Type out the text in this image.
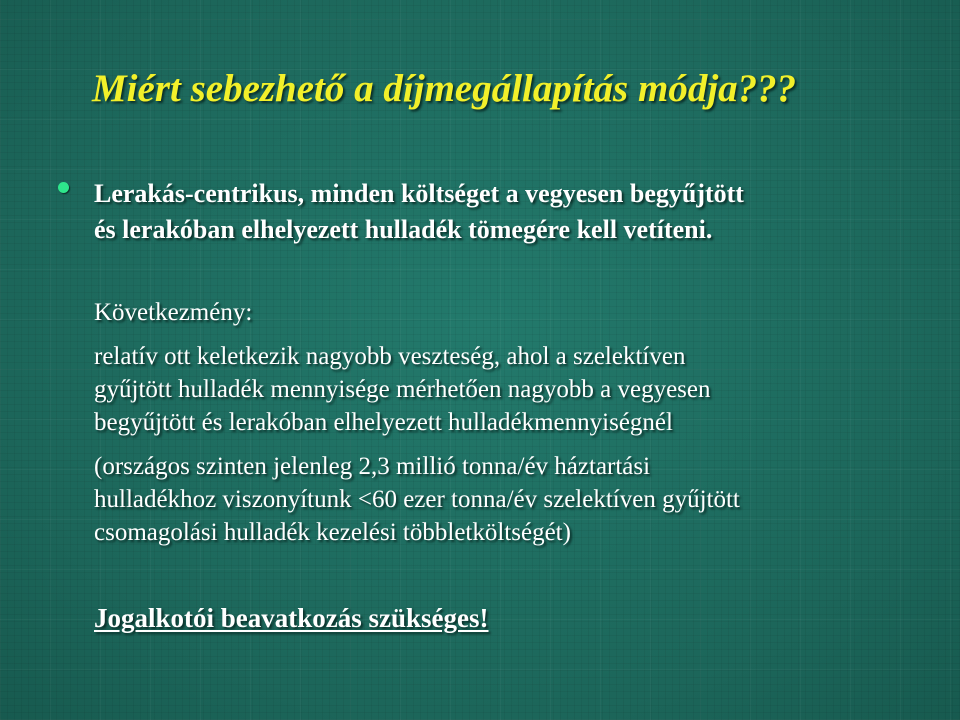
Miért sebezhető a díjmegállapítás módja???
Lerakás-centrikus, minden költséget a vegyesen begyűjtött
és lerakóban elhelyezett hulladék tömegére kell vetíteni.
Következmény:
relatív ott keletkezik nagyobb veszteség, ahol a szelektíven
gyűjtött hulladék mennyisége mérhetően nagyobb a vegyesen
begyűjtött és lerakóban elhelyezett hulladékmennyiségnél
(országos szinten jelenleg 2,3 millió tonna/év háztartási
hulladékhoz viszonyítunk <60 ezer tonna/év szelektíven gyűjtött
csomagolási hulladék kezelési többletköltségét)
Jogalkotói beavatkozás szükséges!
